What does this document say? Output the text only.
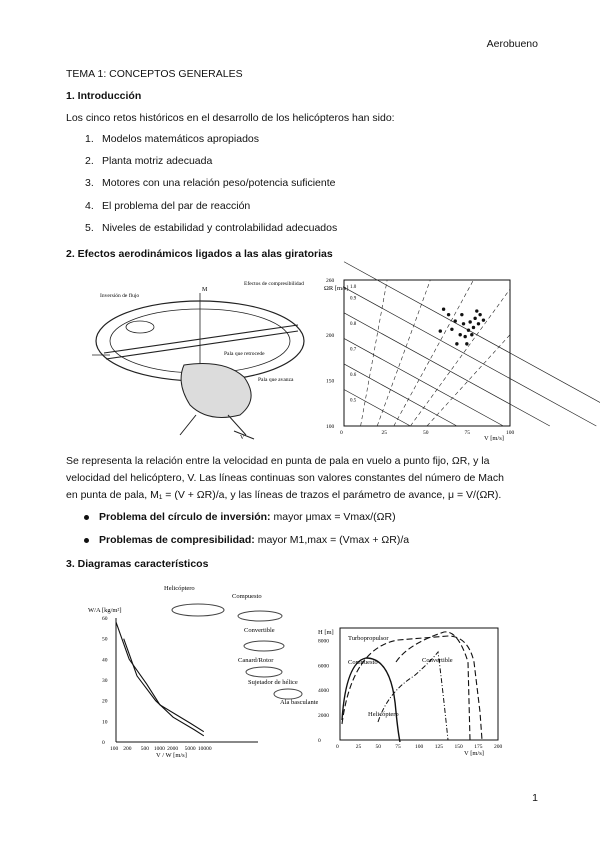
Aerobueno
TEMA 1: CONCEPTOS GENERALES
1. Introducción
Los cinco retos históricos en el desarrollo de los helicópteros han sido:
1. Modelos matemáticos apropiados
2. Planta motriz adecuada
3. Motores con una relación peso/potencia suficiente
4. El problema del par de reacción
5. Niveles de estabilidad y controlabilidad adecuados
2. Efectos aerodinámicos ligados a las alas giratorias
Inversión de flujo
M
Efectos de compresibilidad
Pala que retrocede
Pala que avanza
V
0.5
0.6
0.7
0.8
0.9
1.0
0	25	50	75	100
100
150
200
260
V [m/s]
ΩR [m/s]
Se representa la relación entre la velocidad en punta de pala en vuelo a punto fijo, ΩR, y la
velocidad del helicóptero, V. Las líneas continuas son valores constantes del número de Mach
en punta de pala, M₁ = (V + ΩR)/a, y las líneas de trazos el parámetro de avance, μ = V/(ΩR).
Problema del círculo de inversión: mayor μmax = Vmax/(ΩR)
Problemas de compresibilidad: mayor M1,max = (Vmax + ΩR)/a
3. Diagramas característicos
0
10
20
30
40
50
60
100 200 500 1000 2000 5000 10000
Helicóptero
Compuesto
Convertible
Canard/Rotor
Sujetador de hélice
Ala basculante
V / W [m/s]
W/A [kg/m²]
0	25	50	75	100 125 150 175 200
0
2000
4000
6000
8000	Turbopropulsor
Compuesto	Convertible
Helicóptero
V [m/s]
H [m]
1
